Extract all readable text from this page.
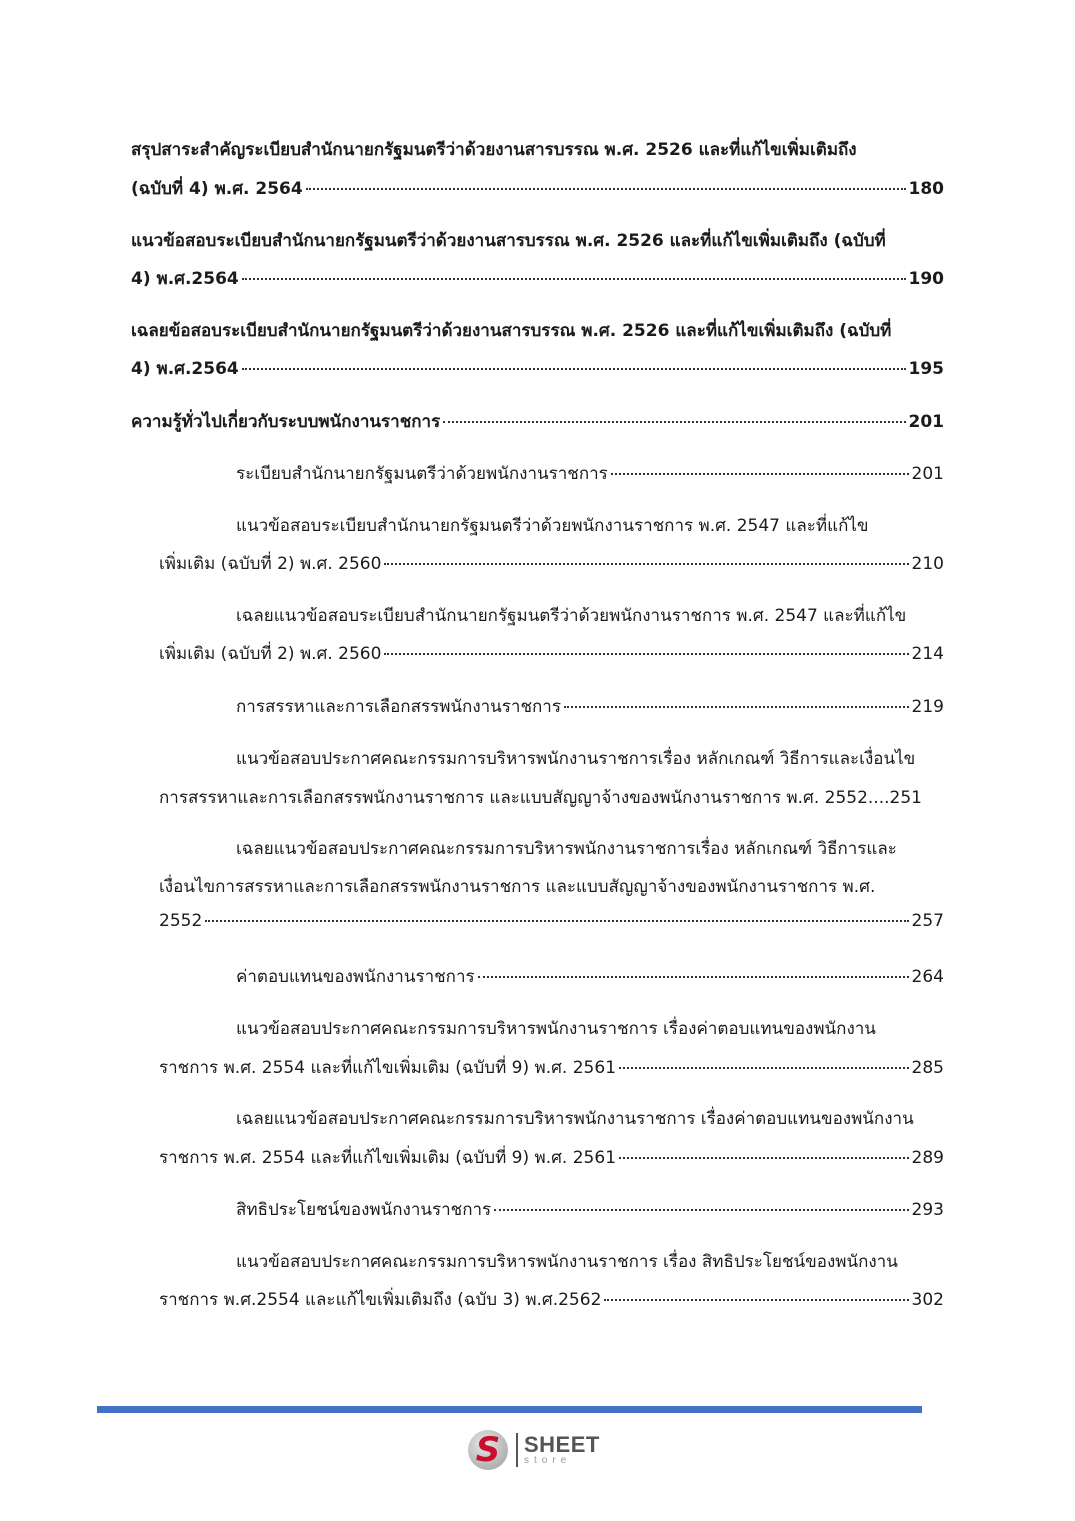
สรุปสาระสำคัญระเบียบสำนักนายกรัฐมนตรีว่าด้วยงานสารบรรณ พ.ศ. 2526 และที่แก้ไขเพิ่มเติมถึง
(ฉบับที่ 4) พ.ศ. 2564	180
แนวข้อสอบระเบียบสำนักนายกรัฐมนตรีว่าด้วยงานสารบรรณ พ.ศ. 2526 และที่แก้ไขเพิ่มเติมถึง (ฉบับที่
4) พ.ศ.2564	190
เฉลยข้อสอบระเบียบสำนักนายกรัฐมนตรีว่าด้วยงานสารบรรณ พ.ศ. 2526 และที่แก้ไขเพิ่มเติมถึง (ฉบับที่
4) พ.ศ.2564	195
ความรู้ทั่วไปเกี่ยวกับระบบพนักงานราชการ	201
ระเบียบสำนักนายกรัฐมนตรีว่าด้วยพนักงานราชการ	201
แนวข้อสอบระเบียบสำนักนายกรัฐมนตรีว่าด้วยพนักงานราชการ พ.ศ. 2547 และที่แก้ไข
เพิ่มเติม (ฉบับที่ 2) พ.ศ. 2560	210
เฉลยแนวข้อสอบระเบียบสำนักนายกรัฐมนตรีว่าด้วยพนักงานราชการ พ.ศ. 2547 และที่แก้ไข
เพิ่มเติม (ฉบับที่ 2) พ.ศ. 2560	214
การสรรหาและการเลือกสรรพนักงานราชการ	219
แนวข้อสอบประกาศคณะกรรมการบริหารพนักงานราชการเรื่อง หลักเกณฑ์ วิธีการและเงื่อนไข
การสรรหาและการเลือกสรรพนักงานราชการ และแบบสัญญาจ้างของพนักงานราชการ พ.ศ. 2552.... 251
เฉลยแนวข้อสอบประกาศคณะกรรมการบริหารพนักงานราชการเรื่อง หลักเกณฑ์ วิธีการและ
เงื่อนไขการสรรหาและการเลือกสรรพนักงานราชการ และแบบสัญญาจ้างของพนักงานราชการ พ.ศ.
2552	257
ค่าตอบแทนของพนักงานราชการ	264
แนวข้อสอบประกาศคณะกรรมการบริหารพนักงานราชการ เรื่องค่าตอบแทนของพนักงาน
ราชการ พ.ศ. 2554 และที่แก้ไขเพิ่มเติม (ฉบับที่ 9) พ.ศ. 2561	285
เฉลยแนวข้อสอบประกาศคณะกรรมการบริหารพนักงานราชการ เรื่องค่าตอบแทนของพนักงาน
ราชการ พ.ศ. 2554 และที่แก้ไขเพิ่มเติม (ฉบับที่ 9) พ.ศ. 2561	289
สิทธิประโยชน์ของพนักงานราชการ	293
แนวข้อสอบประกาศคณะกรรมการบริหารพนักงานราชการ เรื่อง สิทธิประโยชน์ของพนักงาน
ราชการ พ.ศ.2554 และแก้ไขเพิ่มเติมถึง (ฉบับ 3) พ.ศ.2562	302
S	SHEET
store
